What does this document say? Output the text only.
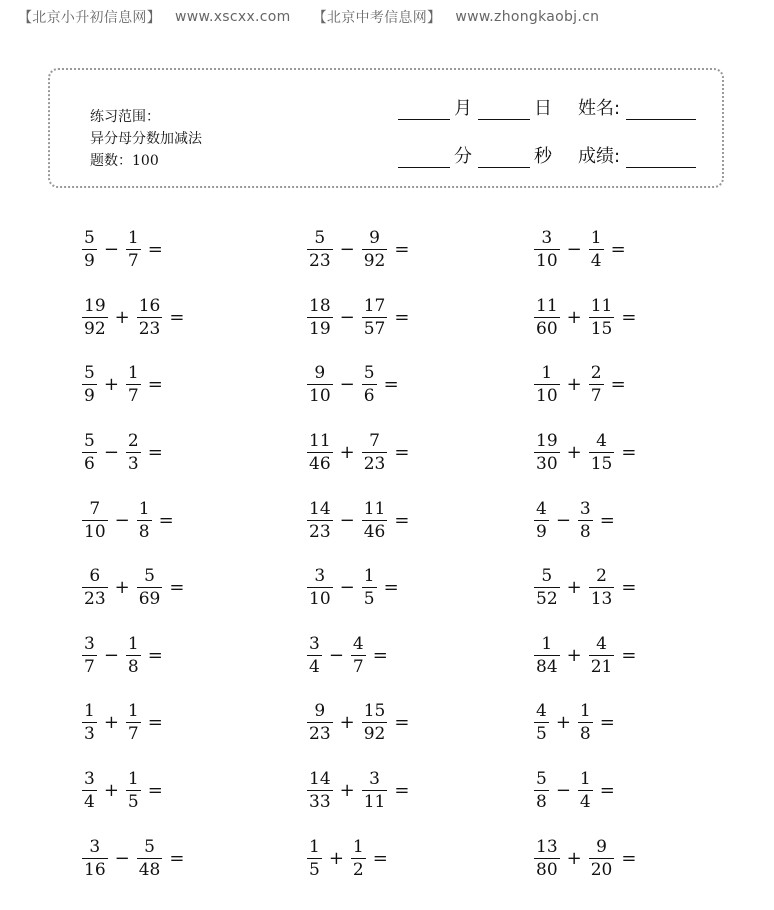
【北京小升初信息网】 www.xscxx.com 【北京中考信息网】 www.zhongkaobj.cn
练习范围：
异分母分数加减法
题数：100
月	日 姓名:
分	秒 成绩:
$\frac{5}{9} - \frac{1}{7}$ =	$\frac{5}{23} - \frac{9}{92}$ =	$\frac{3}{10} - \frac{1}{4}$ =
$\frac{19}{92} + \frac{16}{23}$ =	$\frac{18}{19} - \frac{17}{57}$ =	$\frac{11}{60} + \frac{11}{15}$ =
$\frac{5}{9} + \frac{1}{7}$ =	$\frac{9}{10} - \frac{5}{6}$ =	$\frac{1}{10} + \frac{2}{7}$ =
$\frac{5}{6} - \frac{2}{3}$ =	$\frac{11}{46} + \frac{7}{23}$ =	$\frac{19}{30} + \frac{4}{15}$ =
$\frac{7}{10} - \frac{1}{8}$ =	$\frac{14}{23} - \frac{11}{46}$ =	$\frac{4}{9} - \frac{3}{8}$ =
$\frac{6}{23} + \frac{5}{69}$ =	$\frac{3}{10} - \frac{1}{5}$ =	$\frac{5}{52} + \frac{2}{13}$ =
$\frac{3}{7} - \frac{1}{8}$ =	$\frac{3}{4} - \frac{4}{7}$ =	$\frac{1}{84} + \frac{4}{21}$ =
$\frac{1}{3} + \frac{1}{7}$ =	$\frac{9}{23} + \frac{15}{92}$ =	$\frac{4}{5} + \frac{1}{8}$ =
$\frac{3}{4} + \frac{1}{5}$ =	$\frac{14}{33} + \frac{3}{11}$ =	$\frac{5}{8} - \frac{1}{4}$ =
$\frac{3}{16} - \frac{5}{48}$ =	$\frac{1}{5} + \frac{1}{2}$ =	$\frac{13}{80} + \frac{9}{20}$ =
